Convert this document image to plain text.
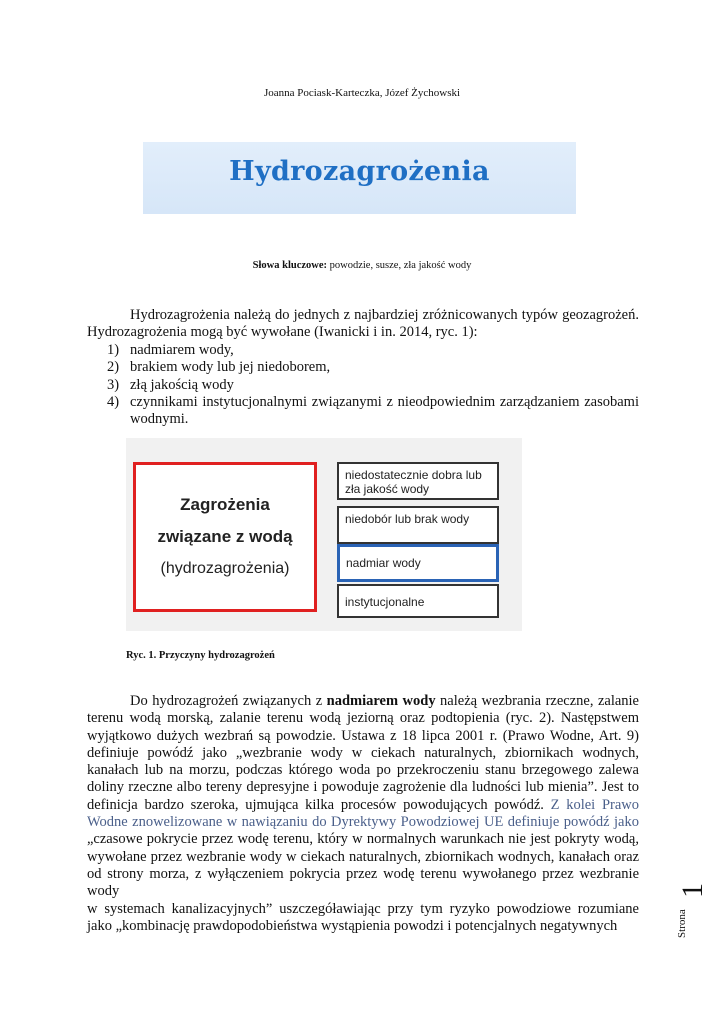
Joanna Pociask-Karteczka, Józef Żychowski
Hydrozagrożenia
Słowa kluczowe: powodzie, susze, zła jakość wody
Hydrozagrożenia należą do jednych z najbardziej zróżnicowanych typów geozagrożeń. Hydrozagrożenia mogą być wywołane (Iwanicki i in. 2014, ryc. 1):
1) nadmiarem wody,
2) brakiem wody lub jej niedoborem,
3) złą jakością wody
4) czynnikami instytucjonalnymi związanymi z nieodpowiednim zarządzaniem zasobami wodnymi.
Zagrożenia
związane z wodą
(hydrozagrożenia)
niedostatecznie dobra lub zła jakość wody
niedobór lub brak wody
nadmiar wody
instytucjonalne
Ryc. 1. Przyczyny hydrozagrożeń
Do hydrozagrożeń związanych z nadmiarem wody należą wezbrania rzeczne, zalanie terenu wodą morską, zalanie terenu wodą jeziorną oraz podtopienia (ryc. 2). Następstwem wyjątkowo dużych wezbrań są powodzie. Ustawa z 18 lipca 2001 r. (Prawo Wodne, Art. 9) definiuje powódź jako „wezbranie wody w ciekach naturalnych, zbiornikach wodnych, kanałach lub na morzu, podczas którego woda po przekroczeniu stanu brzegowego zalewa doliny rzeczne albo tereny depresyjne i powoduje zagrożenie dla ludności lub mienia”. Jest to definicja bardzo szeroka, ujmująca kilka procesów powodujących powódź. Z kolei Prawo Wodne znowelizowane w nawiązaniu do Dyrektywy Powodziowej UE definiuje powódź jako „czasowe pokrycie przez wodę terenu, który w normalnych warunkach nie jest pokryty wodą, wywołane przez wezbranie wody w ciekach naturalnych, zbiornikach wodnych, kanałach oraz od strony morza, z wyłączeniem pokrycia przez wodę terenu wywołanego przez wezbranie wody
w systemach kanalizacyjnych” uszczegóławiając przy tym ryzyko powodziowe rozumiane jako „kombinację prawdopodobieństwa wystąpienia powodzi i potencjalnych negatywnych	Strona
1
